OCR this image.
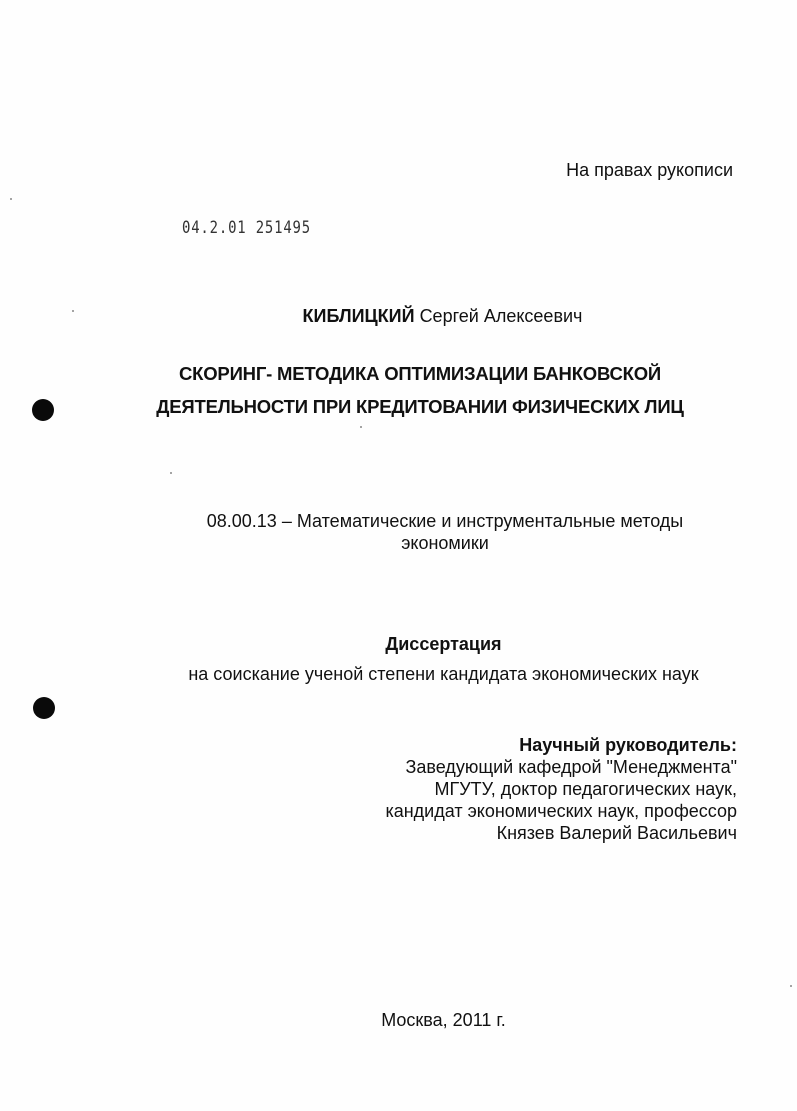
На правах рукописи
04.2.01 251495
КИБЛИЦКИЙ Сергей Алексеевич
СКОРИНГ- МЕТОДИКА ОПТИМИЗАЦИИ БАНКОВСКОЙ
ДЕЯТЕЛЬНОСТИ ПРИ КРЕДИТОВАНИИ ФИЗИЧЕСКИХ ЛИЦ
08.00.13 – Математические и инструментальные методы
экономики
Диссертация
на соискание ученой степени кандидата экономических наук
Научный руководитель:
Заведующий кафедрой "Менеджмента"
МГУТУ, доктор педагогических наук,
кандидат экономических наук, профессор
Князев Валерий Васильевич
Москва, 2011 г.
